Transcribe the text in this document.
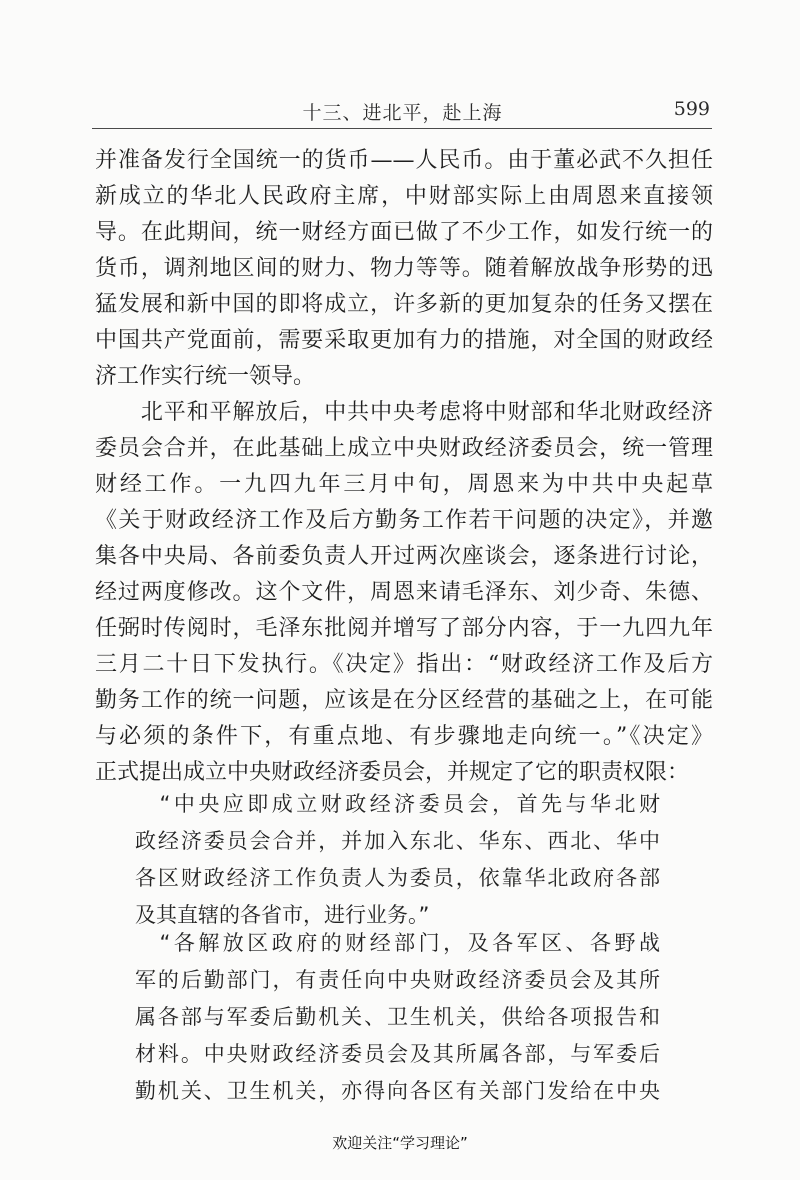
十三、进北平，赴上海	599
并准备发行全国统一的货币——人民币。由于董必武不久担任
新成立的华北人民政府主席，中财部实际上由周恩来直接领
导。在此期间，统一财经方面已做了不少工作，如发行统一的
货币，调剂地区间的财力、物力等等。随着解放战争形势的迅
猛发展和新中国的即将成立，许多新的更加复杂的任务又摆在
中国共产党面前，需要采取更加有力的措施，对全国的财政经
济工作实行统一领导。
　　北平和平解放后，中共中央考虑将中财部和华北财政经济
委员会合并，在此基础上成立中央财政经济委员会，统一管理
财经工作。一九四九年三月中旬，周恩来为中共中央起草
《关于财政经济工作及后方勤务工作若干问题的决定》，并邀
集各中央局、各前委负责人开过两次座谈会，逐条进行讨论，
经过两度修改。这个文件，周恩来请毛泽东、刘少奇、朱德、
任弼时传阅时，毛泽东批阅并增写了部分内容，于一九四九年
三月二十日下发执行。《决定》指出：“财政经济工作及后方
勤务工作的统一问题，应该是在分区经营的基础之上，在可能
与必须的条件下，有重点地、有步骤地走向统一。”《决定》
正式提出成立中央财政经济委员会，并规定了它的职责权限：
　“中央应即成立财政经济委员会，首先与华北财
政经济委员会合并，并加入东北、华东、西北、华中
各区财政经济工作负责人为委员，依靠华北政府各部
及其直辖的各省市，进行业务。”
　“各解放区政府的财经部门，及各军区、各野战
军的后勤部门，有责任向中央财政经济委员会及其所
属各部与军委后勤机关、卫生机关，供给各项报告和
材料。中央财政经济委员会及其所属各部，与军委后
勤机关、卫生机关，亦得向各区有关部门发给在中央
欢迎关注“学习理论”
